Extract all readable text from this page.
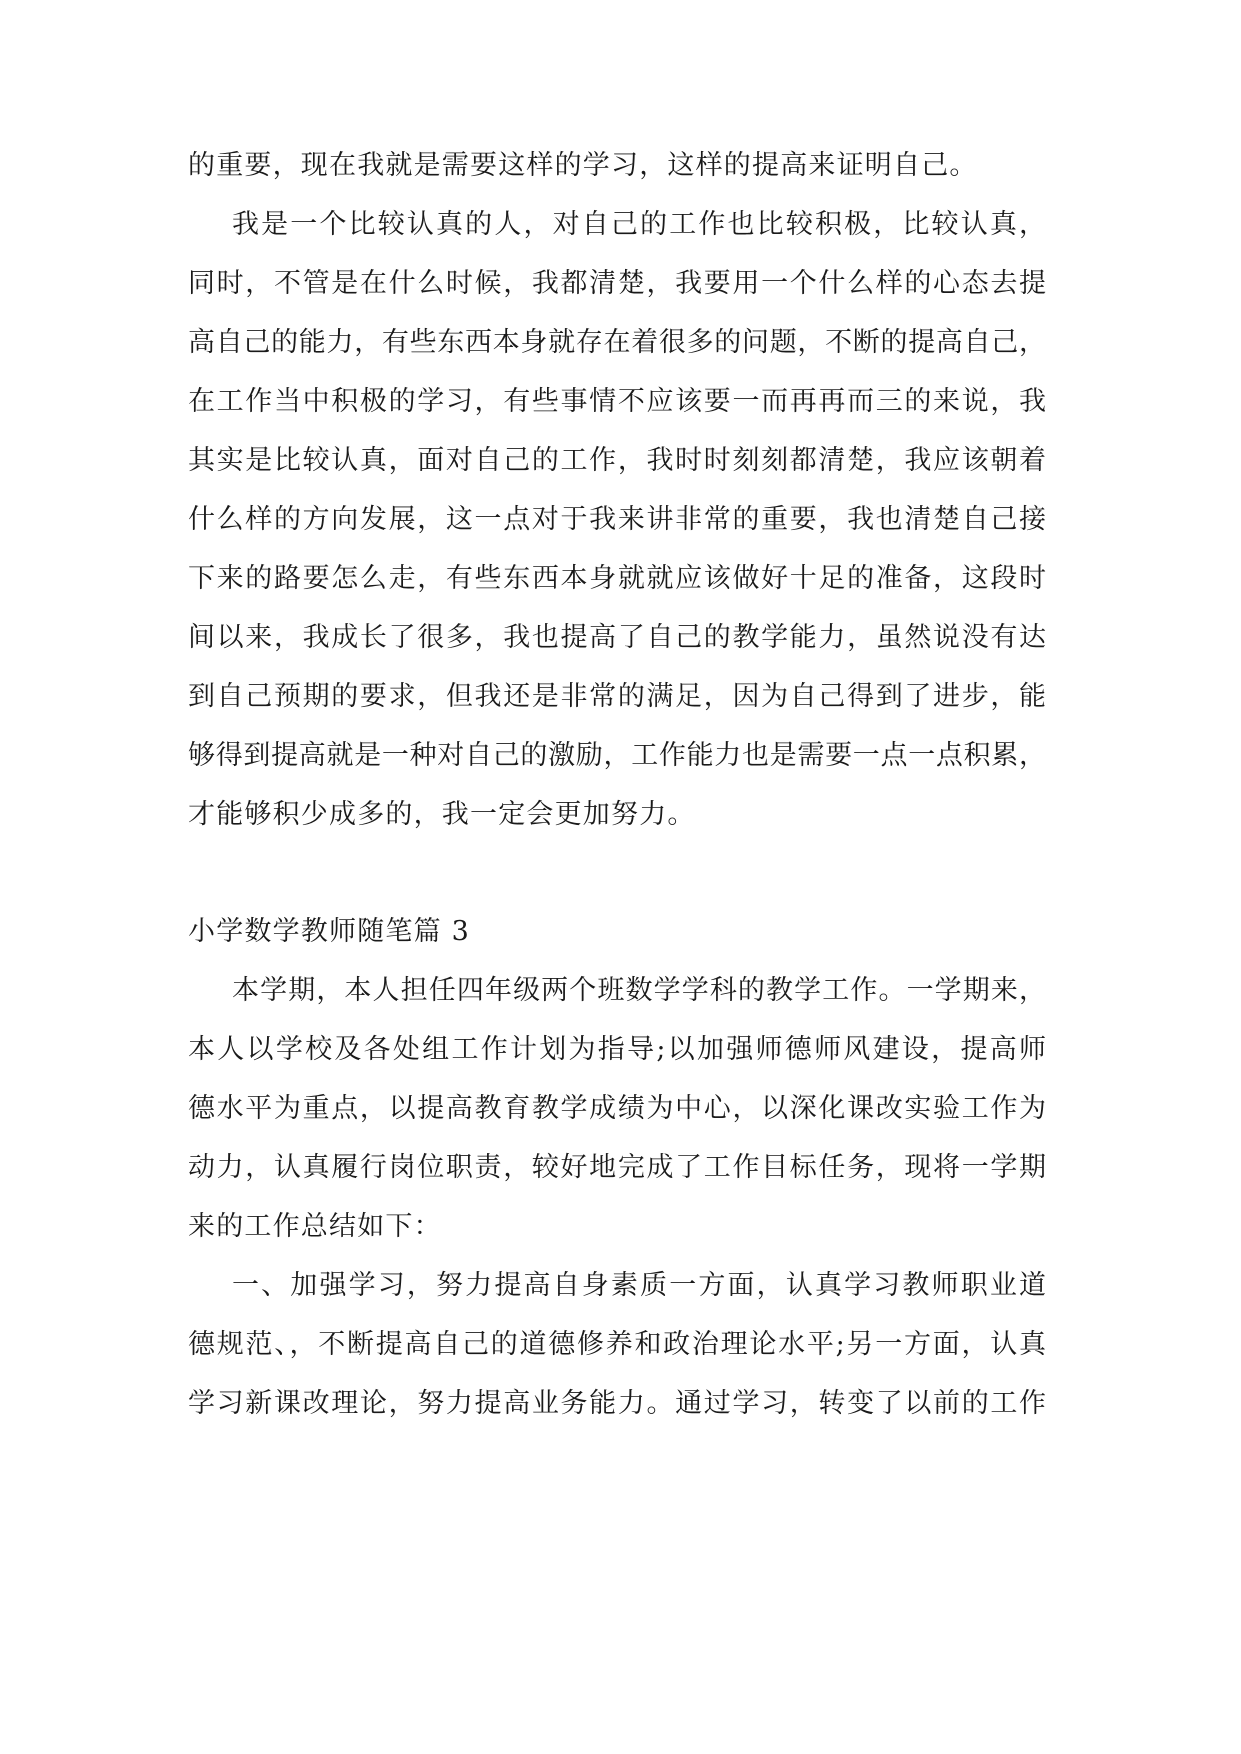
的重要，现在我就是需要这样的学习，这样的提高来证明自己。
我是一个比较认真的人，对自己的工作也比较积极，比较认真，
同时，不管是在什么时候，我都清楚，我要用一个什么样的心态去提
高自己的能力，有些东西本身就存在着很多的问题，不断的提高自己，
在工作当中积极的学习，有些事情不应该要一而再再而三的来说，我
其实是比较认真，面对自己的工作，我时时刻刻都清楚，我应该朝着
什么样的方向发展，这一点对于我来讲非常的重要，我也清楚自己接
下来的路要怎么走，有些东西本身就就应该做好十足的准备，这段时
间以来，我成长了很多，我也提高了自己的教学能力，虽然说没有达
到自己预期的要求，但我还是非常的满足，因为自己得到了进步，能
够得到提高就是一种对自己的激励，工作能力也是需要一点一点积累，
才能够积少成多的，我一定会更加努力。
小学数学教师随笔篇 3
本学期，本人担任四年级两个班数学学科的教学工作。一学期来，
本人以学校及各处组工作计划为指导;以加强师德师风建设，提高师
德水平为重点，以提高教育教学成绩为中心，以深化课改实验工作为
动力，认真履行岗位职责，较好地完成了工作目标任务，现将一学期
来的工作总结如下：
一、加强学习，努力提高自身素质一方面，认真学习教师职业道
德规范、，不断提高自己的道德修养和政治理论水平;另一方面，认真
学习新课改理论，努力提高业务能力。通过学习，转变了以前的工作
